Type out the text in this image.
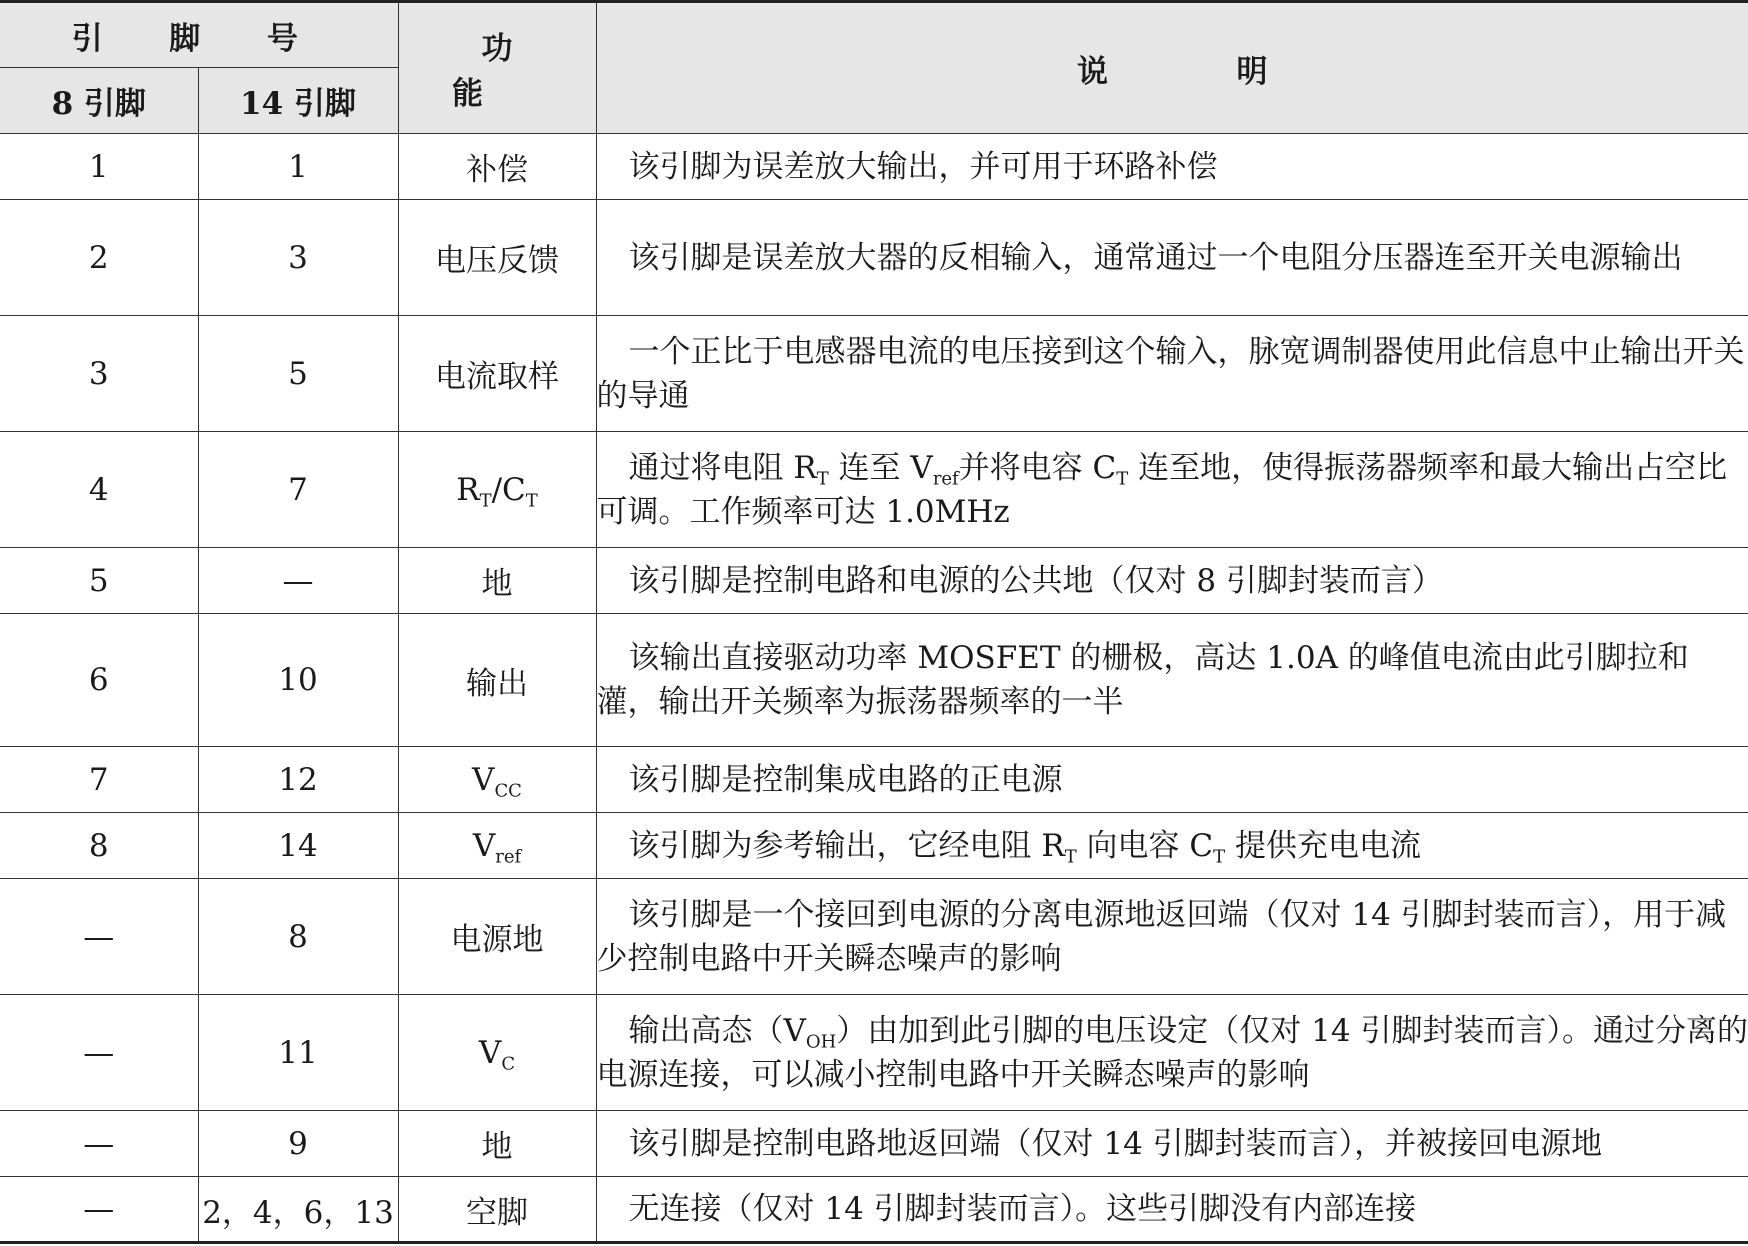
引 脚 号		功 能	说 明
8 引脚	14 引脚		
1	1	补偿	该引脚为误差放大输出，并可用于环路补偿
2	3	电压反馈	该引脚是误差放大器的反相输入，通常通过一个电阻分压器连至开关电源输出
3	5	电流取样	一个正比于电感器电流的电压接到这个输入，脉宽调制器使用此信息中止输出开关的导通
4	7	$R_T/C_T$	通过将电阻 $R_T$ 连至 $V_{ref}$并将电容 $C_T$ 连至地，使得振荡器频率和最大输出占空比可调。工作频率可达 1.0MHz
5	—	地	该引脚是控制电路和电源的公共地（仅对 8 引脚封装而言）
6	10	输出	该输出直接驱动功率 MOSFET 的栅极，高达 1.0A 的峰值电流由此引脚拉和灌，输出开关频率为振荡器频率的一半
7	12	$V_{CC}$	该引脚是控制集成电路的正电源
8	14	$V_{ref}$	该引脚为参考输出，它经电阻 $R_T$ 向电容 $C_T$ 提供充电电流
—	8	电源地	该引脚是一个接回到电源的分离电源地返回端（仅对 14 引脚封装而言），用于减少控制电路中开关瞬态噪声的影响
—	11	$V_C$	输出高态$(V_{OH})$由加到此引脚的电压设定（仅对 14 引脚封装而言）。通过分离的电源连接，可以减小控制电路中开关瞬态噪声的影响
—	9	地	该引脚是控制电路地返回端（仅对 14 引脚封装而言），并被接回电源地
—	2，4，6，13	空脚	无连接（仅对 14 引脚封装而言）。这些引脚没有内部连接
